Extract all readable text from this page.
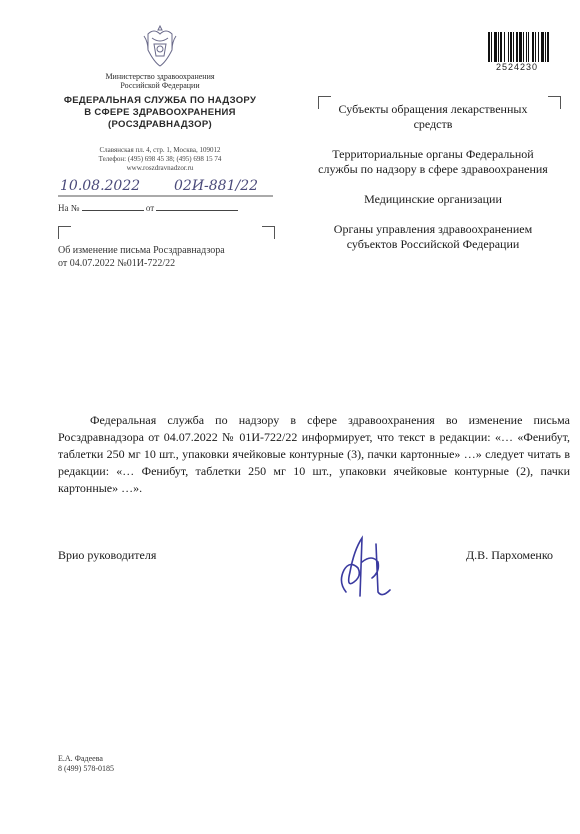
2524230
Министерство здравоохранения
Российской Федерации
ФЕДЕРАЛЬНАЯ СЛУЖБА ПО НАДЗОРУ
В СФЕРЕ ЗДРАВООХРАНЕНИЯ
(РОСЗДРАВНАДЗОР)
Славянская пл. 4, стр. 1, Москва, 109012
Телефон: (495) 698 45 38; (495) 698 15 74
www.roszdravnadzor.ru
10.08.2022 02И-881/22
На №	от
Об изменение письма Росздравнадзора
от 04.07.2022 №01И-722/22

Субъекты обращения лекарственных средств

Территориальные органы Федеральной службы по надзору в сфере здравоохранения

Медицинские организации

Органы управления здравоохранением субъектов Российской Федерации

Федеральная служба по надзору в сфере здравоохранения во изменение письма Росздравнадзора от 04.07.2022 № 01И-722/22 информирует, что текст в редакции: «… «Фенибут, таблетки 250 мг 10 шт., упаковки ячейковые контурные (3), пачки картонные» …» следует читать в редакции: «… Фенибут, таблетки 250 мг 10 шт., упаковки ячейковые контурные (2), пачки картонные» …».
Врио руководителя	Д.В. Пархоменко
Е.А. Фадеева
8 (499) 578-0185
